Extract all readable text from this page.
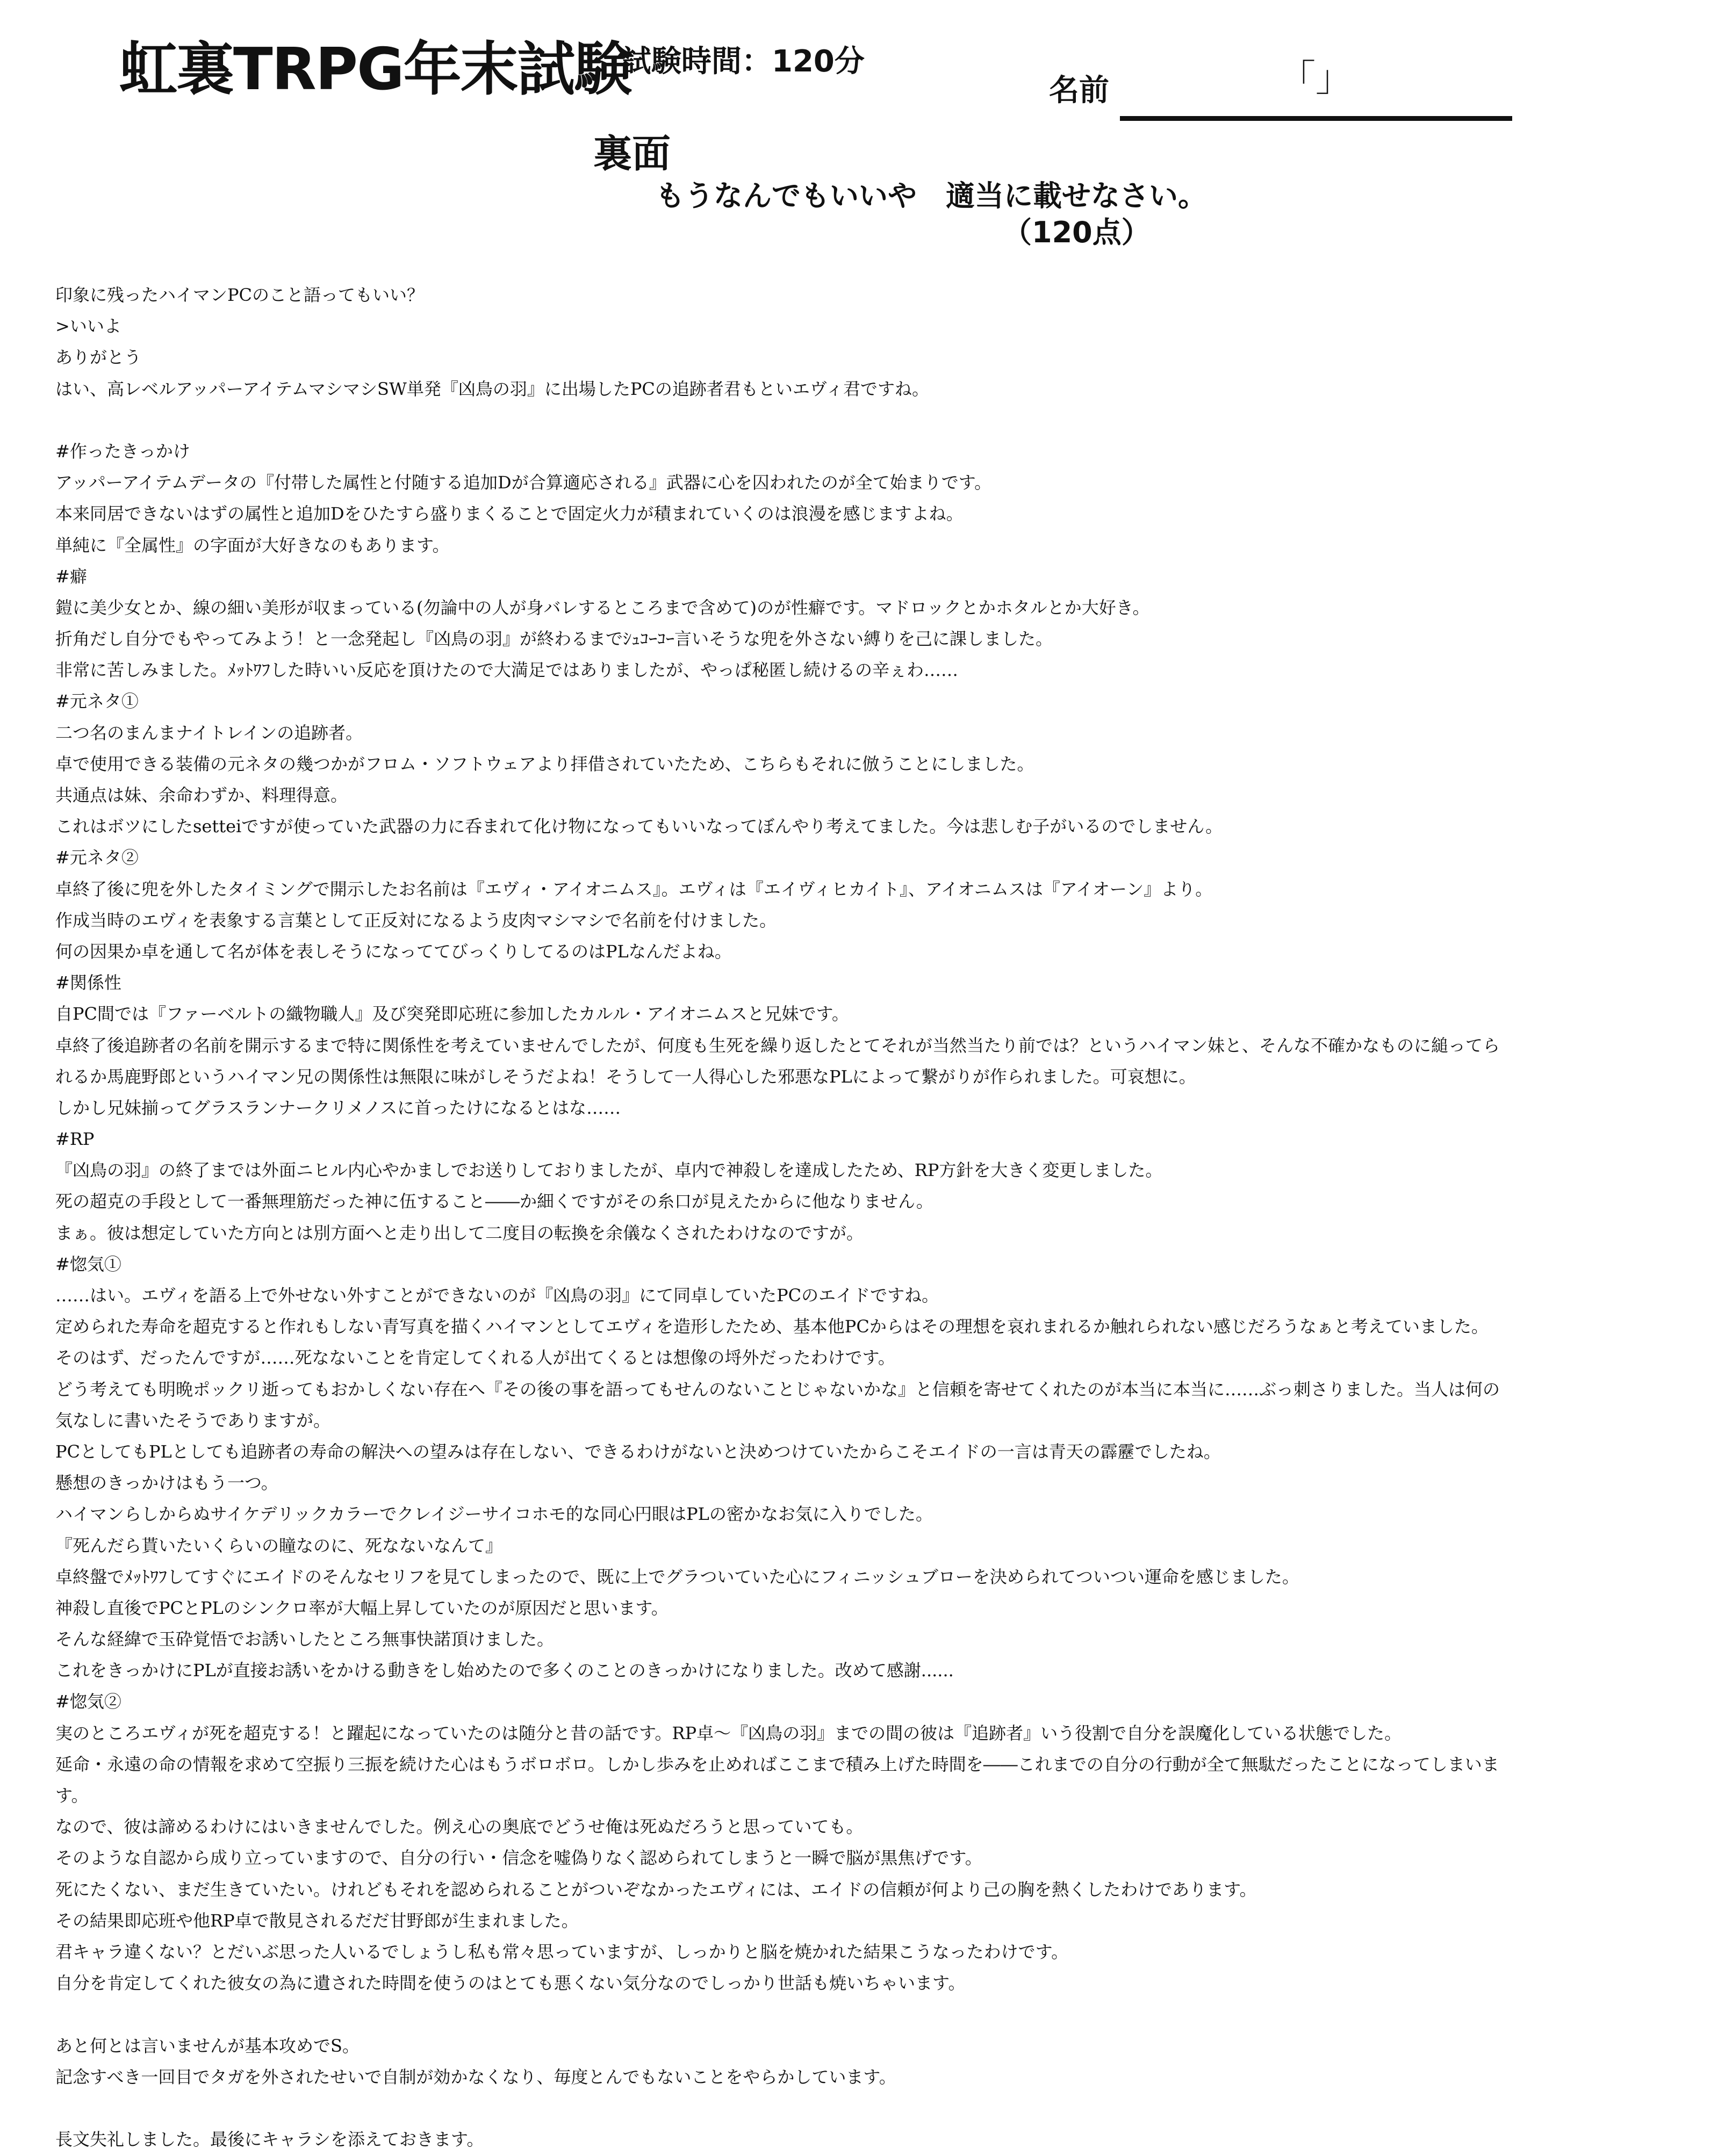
虹裏TRPG年末試験
試験時間：120分
名前	「」
裏面
もうなんでもいいや　適当に載せなさい。
（120点）
印象に残ったハイマンPCのこと語ってもいい？
>いいよ
ありがとう
はい、高レベルアッパーアイテムマシマシSW単発『凶鳥の羽』に出場したPCの追跡者君もといエヴィ君ですね。
#作ったきっかけ
アッパーアイテムデータの『付帯した属性と付随する追加Dが合算適応される』武器に心を囚われたのが全て始まりです。
本来同居できないはずの属性と追加Dをひたすら盛りまくることで固定火力が積まれていくのは浪漫を感じますよね。
単純に『全属性』の字面が大好きなのもあります。
#癖
鎧に美少女とか、線の細い美形が収まっている(勿論中の人が身バレするところまで含めて)のが性癖です。マドロックとかホタルとか大好き。
折角だし自分でもやってみよう！と一念発起し『凶鳥の羽』が終わるまでｼｭｺｰｺｰ言いそうな兜を外さない縛りを己に課しました。
非常に苦しみました。ﾒｯﾄﾜﾌした時いい反応を頂けたので大満足ではありましたが、やっぱ秘匿し続けるの辛ぇわ……
#元ネタ①
二つ名のまんまナイトレインの追跡者。
卓で使用できる装備の元ネタの幾つかがフロム・ソフトウェアより拝借されていたため、こちらもそれに倣うことにしました。
共通点は妹、余命わずか、料理得意。
これはボツにしたsetteiですが使っていた武器の力に呑まれて化け物になってもいいなってぼんやり考えてました。今は悲しむ子がいるのでしません。
#元ネタ②
卓終了後に兜を外したタイミングで開示したお名前は『エヴィ・アイオニムス』。エヴィは『エイヴィヒカイト』、アイオニムスは『アイオーン』より。
作成当時のエヴィを表象する言葉として正反対になるよう皮肉マシマシで名前を付けました。
何の因果か卓を通して名が体を表しそうになっててびっくりしてるのはPLなんだよね。
#関係性
自PC間では『ファーベルトの織物職人』及び突発即応班に参加したカルル・アイオニムスと兄妹です。
卓終了後追跡者の名前を開示するまで特に関係性を考えていませんでしたが、何度も生死を繰り返したとてそれが当然当たり前では？というハイマン妹と、そんな不確かなものに縋ってら
れるか馬鹿野郎というハイマン兄の関係性は無限に味がしそうだよね！そうして一人得心した邪悪なPLによって繋がりが作られました。可哀想に。
しかし兄妹揃ってグラスランナークリメノスに首ったけになるとはな……
#RP
『凶鳥の羽』の終了までは外面ニヒル内心やかましでお送りしておりましたが、卓内で神殺しを達成したため、RP方針を大きく変更しました。
死の超克の手段として一番無理筋だった神に伍すること――か細くですがその糸口が見えたからに他なりません。
まぁ。彼は想定していた方向とは別方面へと走り出して二度目の転換を余儀なくされたわけなのですが。
#惚気①
……はい。エヴィを語る上で外せない外すことができないのが『凶鳥の羽』にて同卓していたPCのエイドですね。
定められた寿命を超克すると作れもしない青写真を描くハイマンとしてエヴィを造形したため、基本他PCからはその理想を哀れまれるか触れられない感じだろうなぁと考えていました。
そのはず、だったんですが……死なないことを肯定してくれる人が出てくるとは想像の埒外だったわけです。
どう考えても明晩ポックリ逝ってもおかしくない存在へ『その後の事を語ってもせんのないことじゃないかな』と信頼を寄せてくれたのが本当に本当に……ぶっ刺さりました。当人は何の
気なしに書いたそうでありますが。
PCとしてもPLとしても追跡者の寿命の解決への望みは存在しない、できるわけがないと決めつけていたからこそエイドの一言は青天の霹靂でしたね。
懸想のきっかけはもう一つ。
ハイマンらしからぬサイケデリックカラーでクレイジーサイコホモ的な同心円眼はPLの密かなお気に入りでした。
『死んだら貰いたいくらいの瞳なのに、死なないなんて』
卓終盤でﾒｯﾄﾜﾌしてすぐにエイドのそんなセリフを見てしまったので、既に上でグラついていた心にフィニッシュブローを決められてついつい運命を感じました。
神殺し直後でPCとPLのシンクロ率が大幅上昇していたのが原因だと思います。
そんな経緯で玉砕覚悟でお誘いしたところ無事快諾頂けました。
これをきっかけにPLが直接お誘いをかける動きをし始めたので多くのことのきっかけになりました。改めて感謝......
#惚気②
実のところエヴィが死を超克する！と躍起になっていたのは随分と昔の話です。RP卓〜『凶鳥の羽』までの間の彼は『追跡者』いう役割で自分を誤魔化している状態でした。
延命・永遠の命の情報を求めて空振り三振を続けた心はもうボロボロ。しかし歩みを止めればここまで積み上げた時間を――これまでの自分の行動が全て無駄だったことになってしまいま
す。
なので、彼は諦めるわけにはいきませんでした。例え心の奥底でどうせ俺は死ぬだろうと思っていても。
そのような自認から成り立っていますので、自分の行い・信念を嘘偽りなく認められてしまうと一瞬で脳が黒焦げです。
死にたくない、まだ生きていたい。けれどもそれを認められることがついぞなかったエヴィには、エイドの信頼が何より己の胸を熱くしたわけであります。
その結果即応班や他RP卓で散見されるだだ甘野郎が生まれました。
君キャラ違くない？とだいぶ思った人いるでしょうし私も常々思っていますが、しっかりと脳を焼かれた結果こうなったわけです。
自分を肯定してくれた彼女の為に遺された時間を使うのはとても悪くない気分なのでしっかり世話も焼いちゃいます。
あと何とは言いませんが基本攻めでS。
記念すべき一回目でタガを外されたせいで自制が効かなくなり、毎度とんでもないことをやらかしています。
長文失礼しました。最後にキャラシを添えておきます。
